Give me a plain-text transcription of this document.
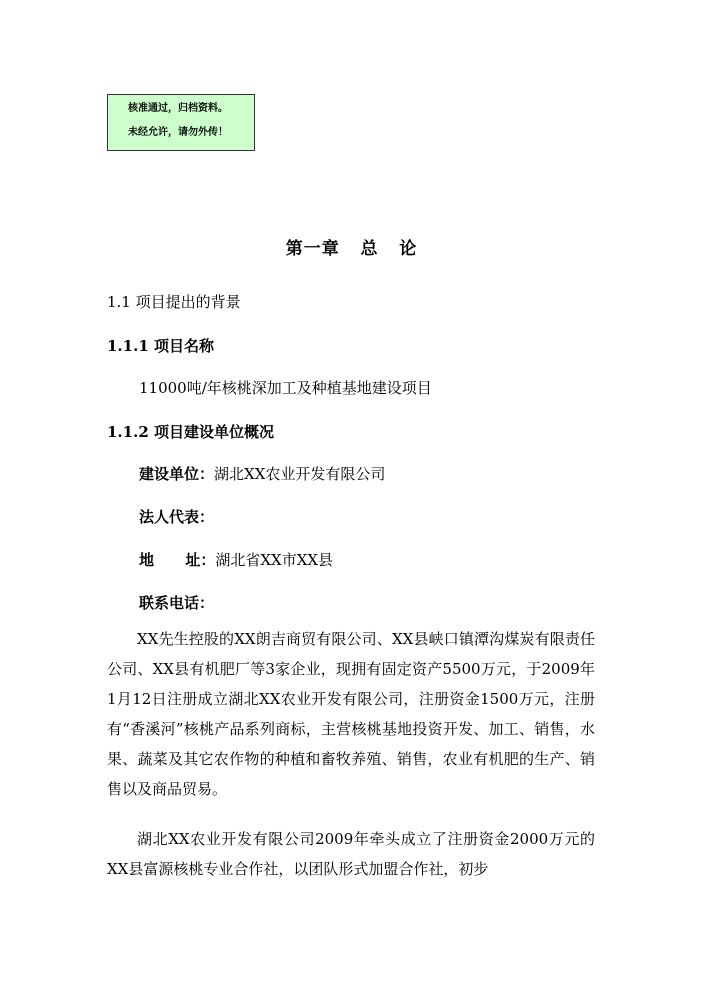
核准通过，归档资料。
未经允许，请勿外传！
第一章   总   论
1.1 项目提出的背景
1.1.1 项目名称
11000吨/年核桃深加工及种植基地建设项目
1.1.2 项目建设单位概况
建设单位：湖北XX农业开发有限公司
法人代表：
地      址：湖北省XX市XX县
联系电话：
XX先生控股的XX朗吉商贸有限公司、XX县峡口镇潭沟煤炭有限责任公司、XX县有机肥厂等3家企业，现拥有固定资产5500万元，于2009年1月12日注册成立湖北XX农业开发有限公司，注册资金1500万元，注册有“香溪河”核桃产品系列商标，主营核桃基地投资开发、加工、销售，水果、蔬菜及其它农作物的种植和畜牧养殖、销售，农业有机肥的生产、销售以及商品贸易。
湖北XX农业开发有限公司2009年牵头成立了注册资金2000万元的XX县富源核桃专业合作社，以团队形式加盟合作社，初步
